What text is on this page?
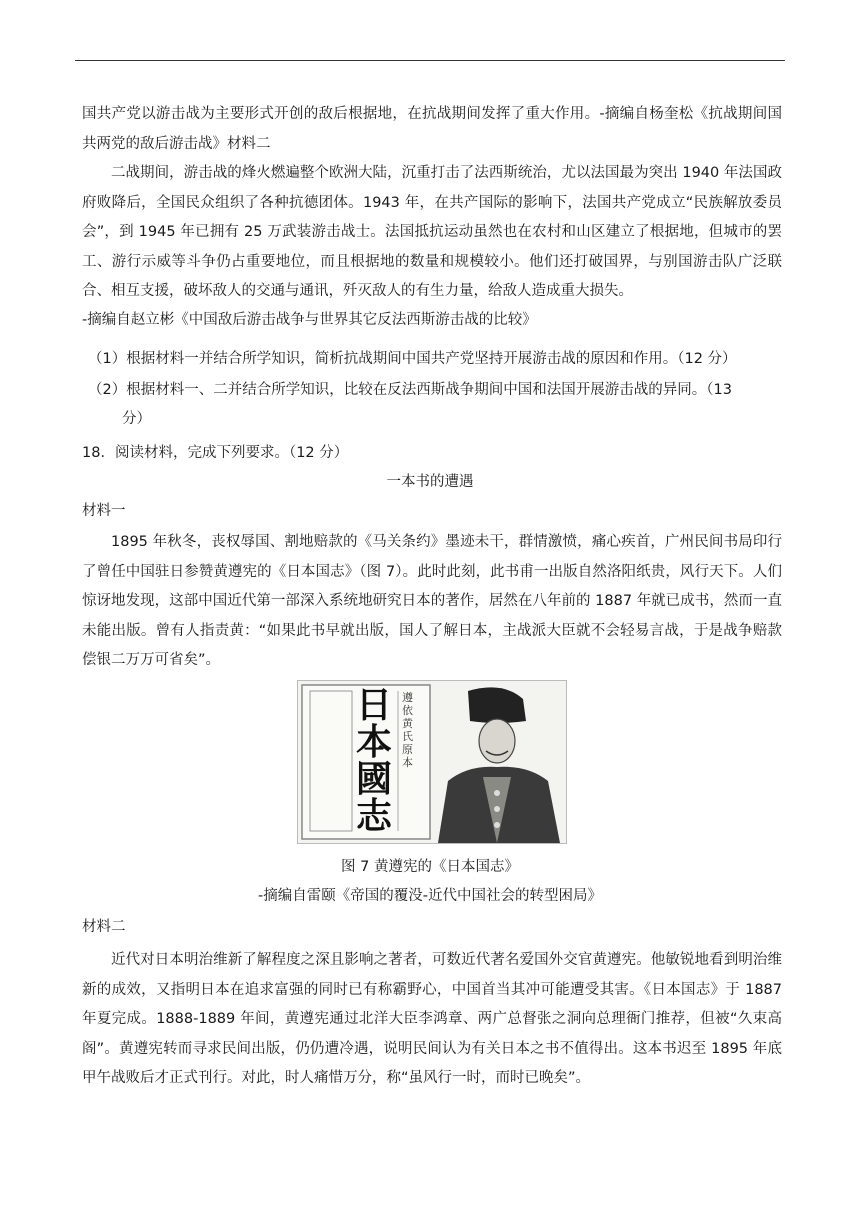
国共产党以游击战为主要形式开创的敌后根据地，在抗战期间发挥了重大作用。-摘编自杨奎松《抗战期间国共两党的敌后游击战》材料二
二战期间，游击战的烽火燃遍整个欧洲大陆，沉重打击了法西斯统治，尤以法国最为突出 1940 年法国政府败降后，全国民众组织了各种抗德团体。1943 年，在共产国际的影响下，法国共产党成立“民族解放委员会”，到 1945 年已拥有 25 万武装游击战士。法国抵抗运动虽然也在农村和山区建立了根据地，但城市的罢工、游行示威等斗争仍占重要地位，而且根据地的数量和规模较小。他们还打破国界，与别国游击队广泛联合、相互支援，破坏敌人的交通与通讯，歼灭敌人的有生力量，给敌人造成重大损失。
-摘编自赵立彬《中国敌后游击战争与世界其它反法西斯游击战的比较》
（1）根据材料一并结合所学知识，简析抗战期间中国共产党坚持开展游击战的原因和作用。（12 分）
（2）根据材料一、二并结合所学知识，比较在反法西斯战争期间中国和法国开展游击战的异同。（13
分）
18．阅读材料，完成下列要求。（12 分）
一本书的遭遇
材料一
1895 年秋冬，丧权辱国、割地赔款的《马关条约》墨迹未干，群情激愤，痛心疾首，广州民间书局印行了曾任中国驻日参赞黄遵宪的《日本国志》（图 7）。此时此刻，此书甫一出版自然洛阳纸贵，风行天下。人们惊讶地发现，这部中国近代第一部深入系统地研究日本的著作，居然在八年前的 1887 年就已成书，然而一直未能出版。曾有人指责黄：“如果此书早就出版，国人了解日本，主战派大臣就不会轻易言战，于是战争赔款偿银二万万可省矣”。
日本國志
遵依黄氏原本
图 7 黄遵宪的《日本国志》
-摘编自雷颐《帝国的覆没-近代中国社会的转型困局》
材料二
近代对日本明治维新了解程度之深且影响之著者，可数近代著名爱国外交官黄遵宪。他敏锐地看到明治维新的成效，又指明日本在追求富强的同时已有称霸野心，中国首当其冲可能遭受其害。《日本国志》于 1887 年夏完成。1888-1889 年间，黄遵宪通过北洋大臣李鸿章、两广总督张之洞向总理衙门推荐，但被“久束高阁”。黄遵宪转而寻求民间出版，仍仍遭冷遇，说明民间认为有关日本之书不值得出。这本书迟至 1895 年底甲午战败后才正式刊行。对此，时人痛惜万分，称“虽风行一时，而时已晚矣”。
